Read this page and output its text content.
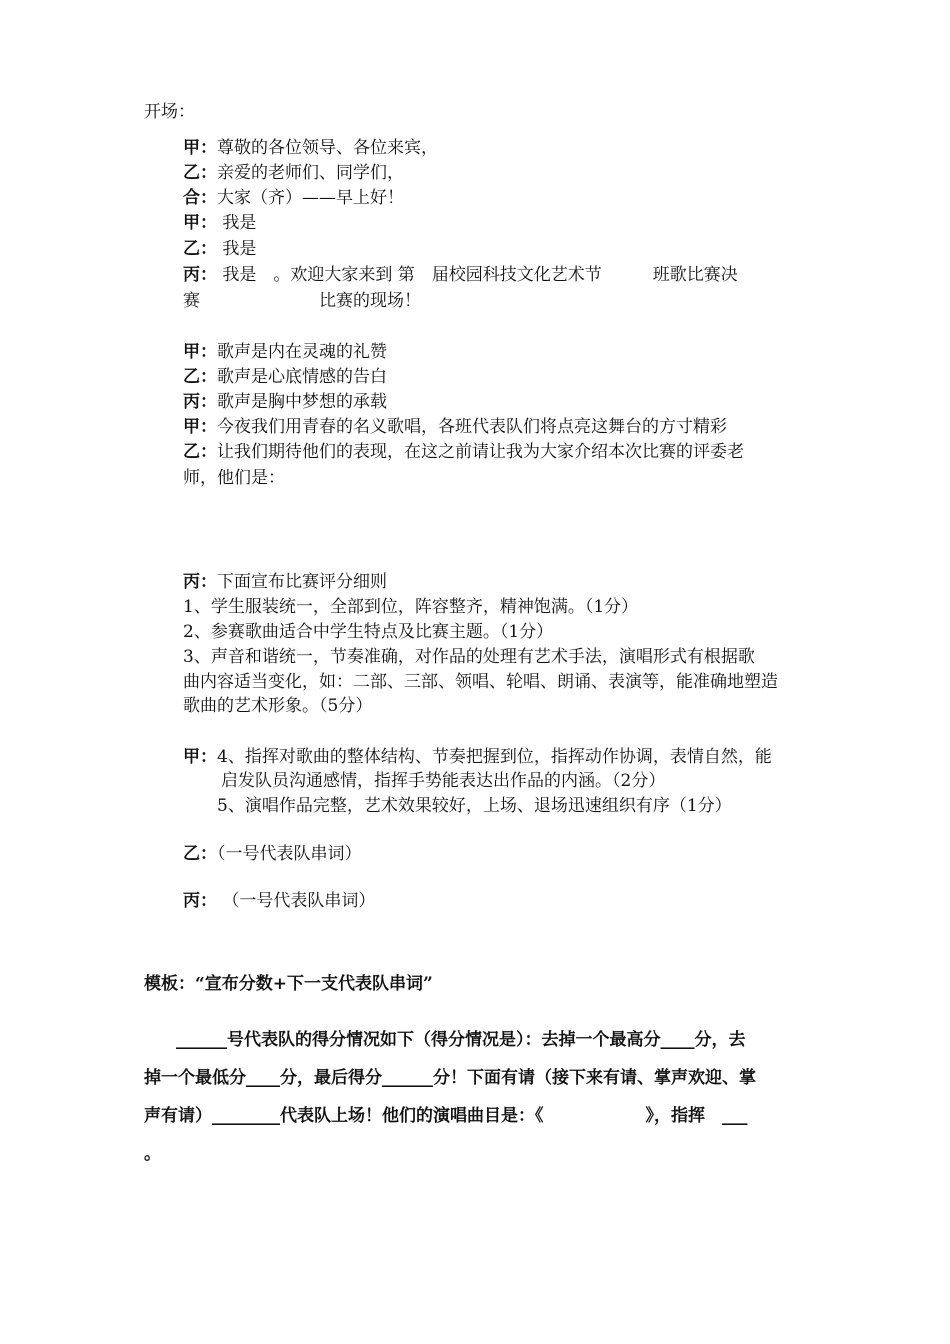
开场：
甲：尊敬的各位领导、各位来宾，
乙：亲爱的老师们、同学们，
合：大家（齐）——早上好！
甲： 我是
乙： 我是
丙： 我是　。欢迎大家来到 第　届校园科技文化艺术节　　　班歌比赛决
赛　　　　　　　比赛的现场！
甲：歌声是内在灵魂的礼赞
乙：歌声是心底情感的告白
丙：歌声是胸中梦想的承载
甲：今夜我们用青春的名义歌唱，各班代表队们将点亮这舞台的方寸精彩
乙：让我们期待他们的表现，在这之前请让我为大家介绍本次比赛的评委老
师，他们是：
丙：下面宣布比赛评分细则
1、学生服装统一，全部到位，阵容整齐，精神饱满。（1分）
2、参赛歌曲适合中学生特点及比赛主题。（1分）
3、声音和谐统一，节奏准确，对作品的处理有艺术手法，演唱形式有根据歌
曲内容适当变化，如：二部、三部、领唱、轮唱、朗诵、表演等，能准确地塑造
歌曲的艺术形象。（5分）
甲：4、指挥对歌曲的整体结构、节奏把握到位，指挥动作协调，表情自然，能
启发队员沟通感情，指挥手势能表达出作品的内涵。（2分）
5、演唱作品完整，艺术效果较好，上场、退场迅速组织有序（1分）
乙：（一号代表队串词）
丙： （一号代表队串词）
模板：“宣布分数+下一支代表队串词”
______号代表队的得分情况如下（得分情况是）：去掉一个最高分____分，去
掉一个最低分____分，最后得分______分！下面有请（接下来有请、掌声欢迎、掌
声有请）________代表队上场！他们的演唱曲目是：《　　　　　　》，指挥　___
。
